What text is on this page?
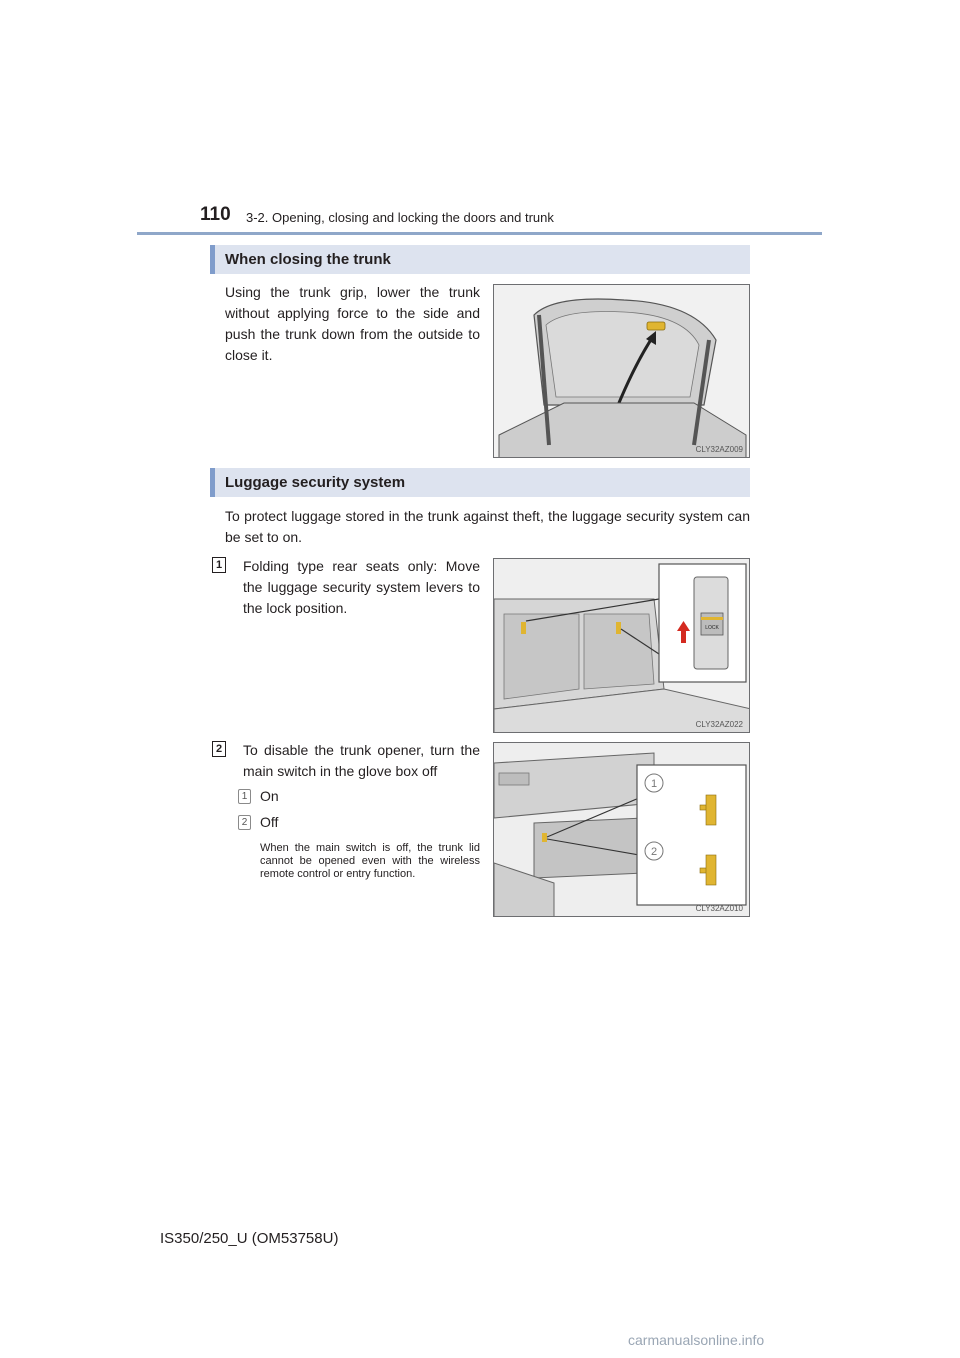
110 3-2. Opening, closing and locking the doors and trunk
When closing the trunk
Using the trunk grip, lower the trunk without applying force to the side and push the trunk down from the outside to close it.
CLY32AZ009
Luggage security system
To protect luggage stored in the trunk against theft, the luggage security system can be set to on.
1 Folding type rear seats only: Move the luggage security system levers to the lock position.
LOCK
CLY32AZ022
2 To disable the trunk opener, turn the main switch in the glove box off
1 On
2 Off
When the main switch is off, the trunk lid cannot be opened even with the wireless remote control or entry function.
1
2
CLY32AZ010
IS350/250_U (OM53758U)
carmanualsonline.info
